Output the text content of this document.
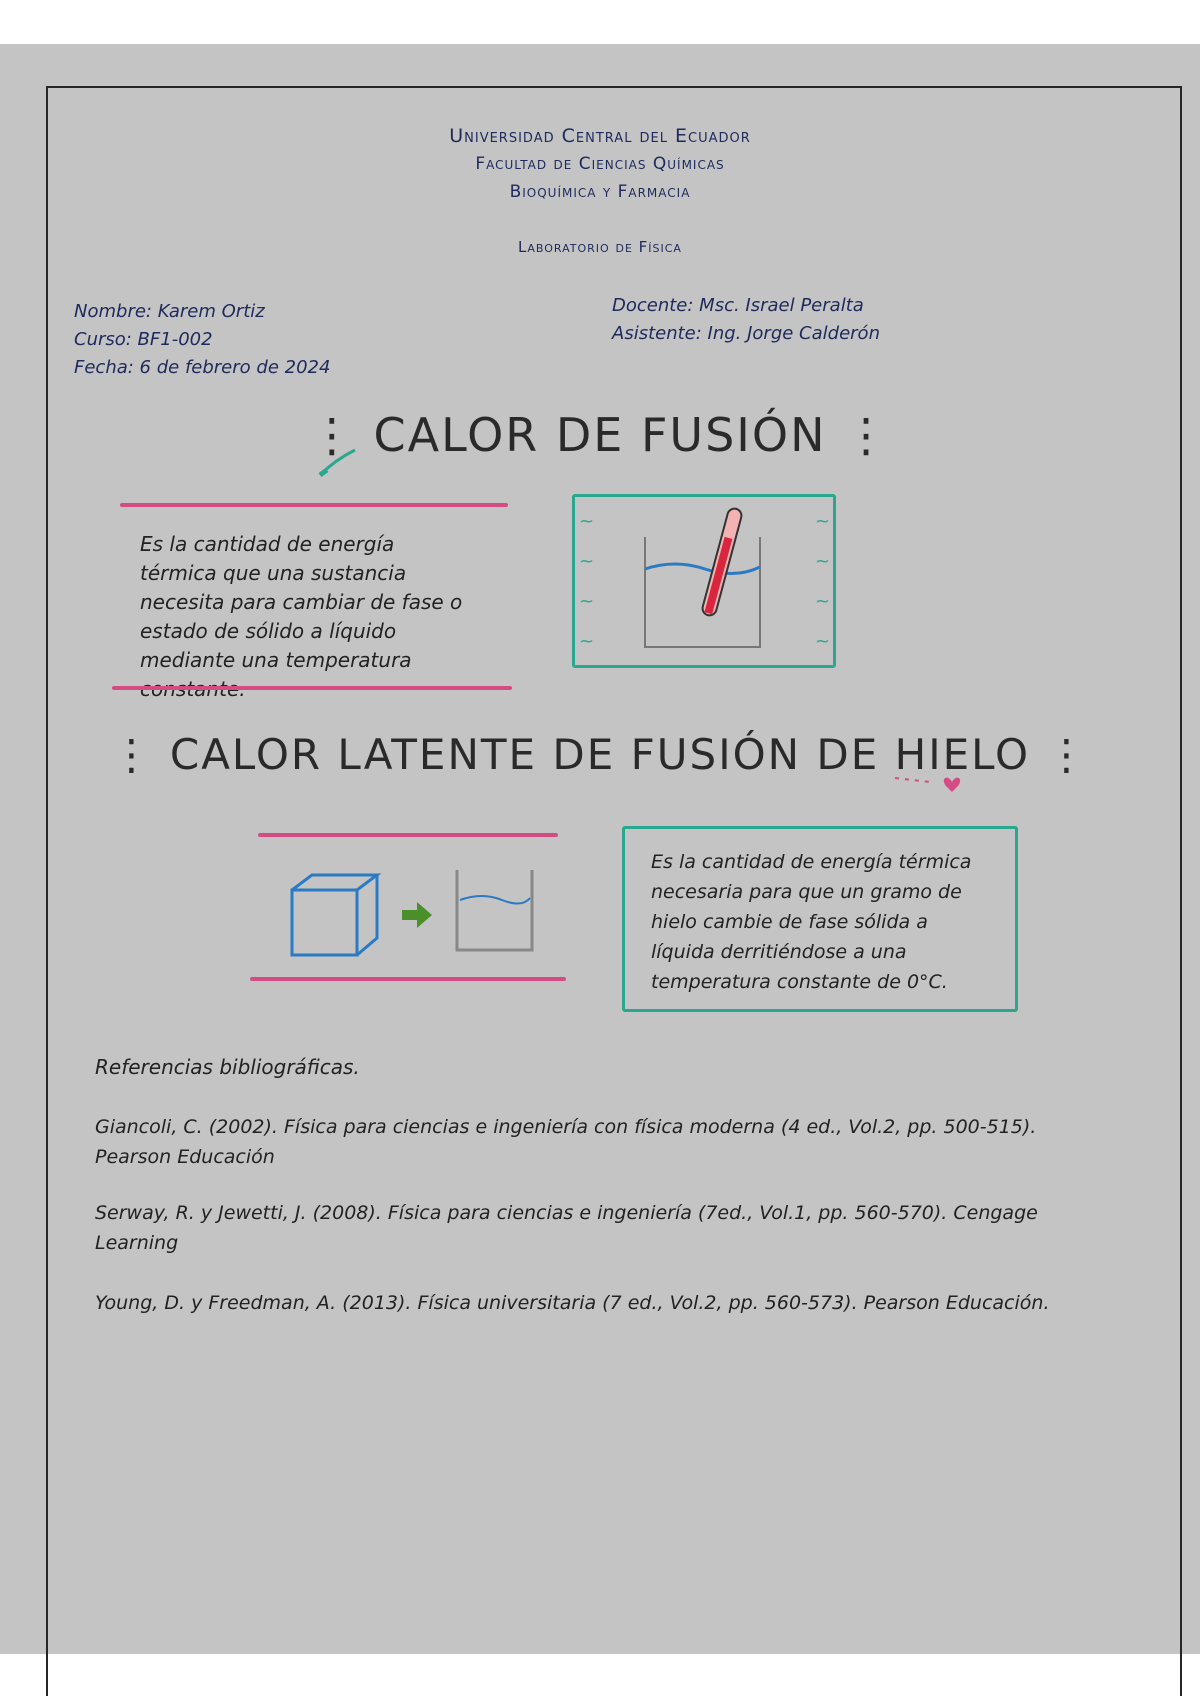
Universidad Central del Ecuador
Facultad de Ciencias Químicas
Bioquímica y Farmacia
Laboratorio de Física
Nombre: Karem Ortiz
Curso: BF1-002
Fecha: 6 de febrero de 2024
Docente: Msc. Israel Peralta
Asistente: Ing. Jorge Calderón
⋮ CALOR DE FUSIÓN ⋮
Es la cantidad de energía térmica que una sustancia necesita para cambiar de fase o estado de sólido a líquido mediante una temperatura
~
~
~
~
~
~
~
~
⋮ CALOR LATENTE DE FUSIÓN DE HIELO ⋮
Es la cantidad de energía térmica necesaria para que un gramo de hielo cambie de fase sólida a líquida derritiéndose a una temperatura constante de 0°C.
Referencias bibliográficas.
Giancoli, C. (2002). Física para ciencias e ingeniería con física moderna (4 ed., Vol.2, pp. 500-515). Pearson Educación
Serway, R. y Jewetti, J. (2008). Física para ciencias e ingeniería (7ed., Vol.1, pp. 560-570). Cengage Learning
Young, D. y Freedman, A. (2013). Física universitaria (7 ed., Vol.2, pp. 560-573). Pearson Educación.
